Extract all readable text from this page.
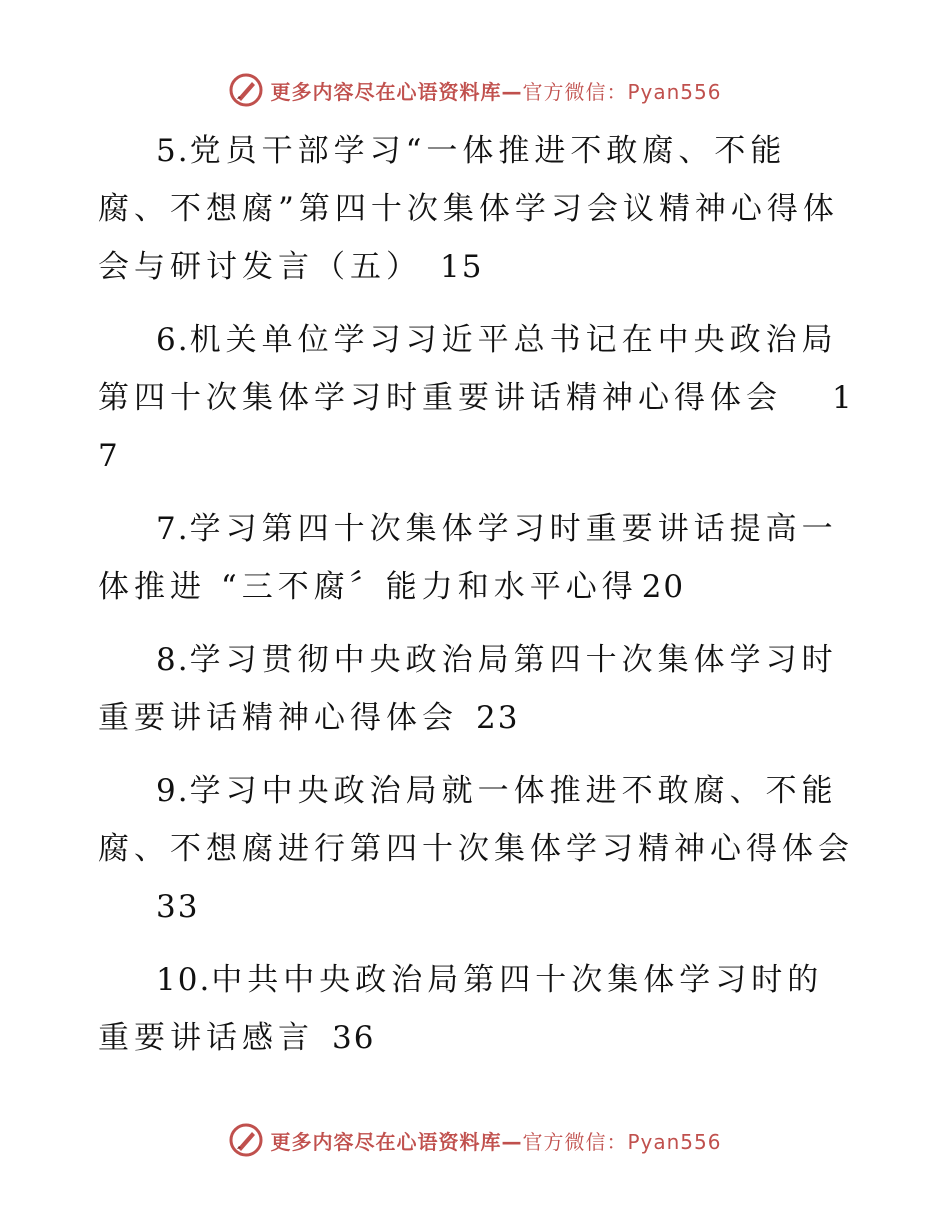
更多内容尽在心语资料库—官方微信：Pyan556

5.党员干部学习“一体推进不敢腐、不能腐、不想腐”第四十次集体学习会议精神心得体会与研讨发言（五） 15

6.机关单位学习习近平总书记在中央政治局第四十次集体学习时重要讲话精神心得体会 17

7.学习第四十次集体学习时重要讲话提高一体推进 “三不腐〞能力和水平心得 20

8.学习贯彻中央政治局第四十次集体学习时重要讲话精神心得体会 23

9.学习中央政治局就一体推进不敢腐、不能腐、不想腐进行第四十次集体学习精神心得体会
33

10.中共中央政治局第四十次集体学习时的重要讲话感言 36

更多内容尽在心语资料库—官方微信：Pyan556
